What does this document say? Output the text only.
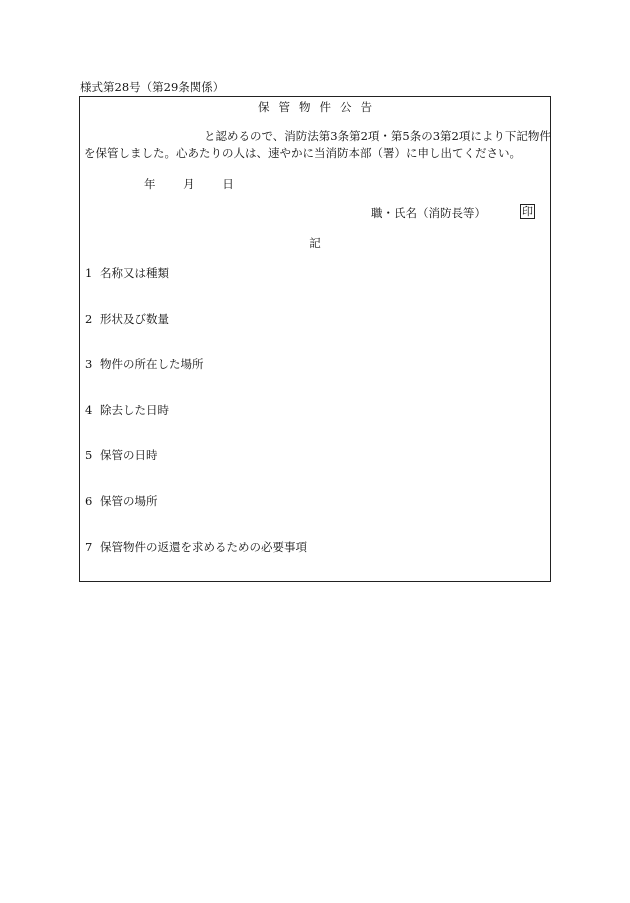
様式第28号（第29条関係）
保管物件公告
と認めるので、消防法第3条第2項・第5条の3第2項により下記物件
を保管しました。心あたりの人は、速やかに当消防本部（署）に申し出てください。
年 月 日
職・氏名（消防長等）	印
記
1 名称又は種類
2 形状及び数量
3 物件の所在した場所
4 除去した日時
5 保管の日時
6 保管の場所
7 保管物件の返還を求めるための必要事項
